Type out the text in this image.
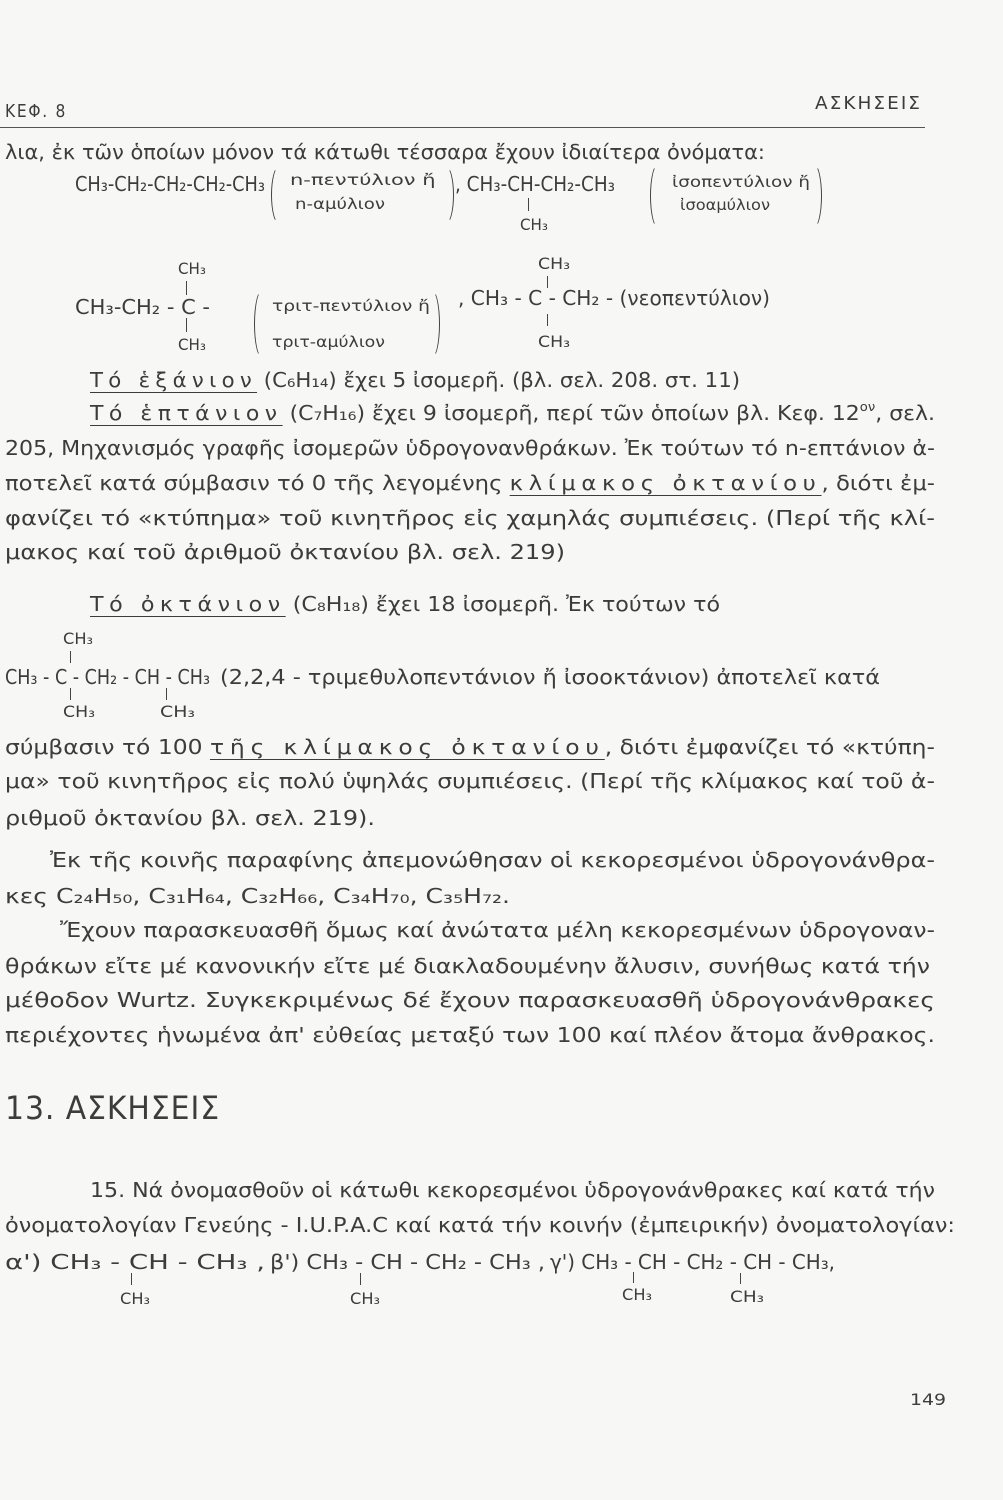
ΚΕΦ. 8	ΑΣΚΗΣΕΙΣ
λια, ἐκ τῶν ὁποίων μόνον τά κάτωθι τέσσαρα ἔχουν ἰδιαίτερα ὀνόματα:
CH₃-CH₂-CH₂-CH₂-CH₃ n-πεντύλιον ἤ
n-αμύλιον
, CH₃-CH-CH₂-CH₃
CH₃
ἰσοπεντύλιον ἤ
ἰσοαμύλιον
CH₃
CH₃-CH₂ - C -
CH₃
τριτ-πεντύλιον ἤ
τριτ-αμύλιον
CH₃
, CH₃ - C - CH₂ - (νεοπεντύλιον)
CH₃
Τό ἑξάνιον (C₆H₁₄) ἔχει 5 ἰσομερῆ. (βλ. σελ. 208. στ. 11)
Τό ἑπτάνιον (C₇H₁₆) ἔχει 9 ἰσομερῆ, περί τῶν ὁποίων βλ. Κεφ. $12^{o\nu}$, σελ.
205, Μηχανισμός γραφῆς ἰσομερῶν ὑδρογονανθράκων. Ἐκ τούτων τό n-επτάνιον ἀ-
ποτελεῖ κατά σύμβασιν τό 0 τῆς λεγομένης κλίμακος ὀκτανίου, διότι ἐμ-
φανίζει τό «κτύπημα» τοῦ κινητῆρος εἰς χαμηλάς συμπιέσεις. (Περί τῆς κλί-
μακος καί τοῦ ἀριθμοῦ ὀκτανίου βλ. σελ. 219)
Τό ὀκτάνιον (C₈H₁₈) ἔχει 18 ἰσομερῆ. Ἐκ τούτων τό
CH₃
CH₃ - C - CH₂ - CH - CH₃ (2,2,4 - τριμεθυλοπεντάνιον ἤ ἰσοοκτάνιον) ἀποτελεῖ κατά
CH₃	CH₃
σύμβασιν τό 100 τῆς κλίμακος ὀκτανίου, διότι ἐμφανίζει τό «κτύπη-
μα» τοῦ κινητῆρος εἰς πολύ ὑψηλάς συμπιέσεις. (Περί τῆς κλίμακος καί τοῦ ἀ-
ριθμοῦ ὀκτανίου βλ. σελ. 219).
Ἐκ τῆς κοινῆς παραφίνης ἀπεμονώθησαν οἱ κεκορεσμένοι ὑδρογονάνθρα-
κες C₂₄H₅₀, C₃₁H₆₄, C₃₂H₆₆, C₃₄H₇₀, C₃₅H₇₂.
Ἔχουν παρασκευασθῆ ὅμως καί ἀνώτατα μέλη κεκορεσμένων ὑδρογοναν-
θράκων εἴτε μέ κανονικήν εἴτε μέ διακλαδουμένην ἄλυσιν, συνήθως κατά τήν
μέθοδον Wurtz. Συγκεκριμένως δέ ἔχουν παρασκευασθῆ ὑδρογονάνθρακες
περιέχοντες ἡνωμένα ἀπ' εὐθείας μεταξύ των 100 καί πλέον ἄτομα ἄνθρακος.
13. ΑΣΚΗΣΕΙΣ
15. Νά ὀνομασθοῦν οἱ κάτωθι κεκορεσμένοι ὑδρογονάνθρακες καί κατά τήν
ὀνοματολογίαν Γενεύης - I.U.P.A.C καί κατά τήν κοινήν (ἐμπειρικήν) ὀνοματολογίαν:
α') CH₃ - CH - CH₃ ,
CH₃
β') CH₃ - CH - CH₂ - CH₃ ,
CH₃
γ') CH₃ - CH - CH₂ - CH - CH₃,
CH₃	CH₃
149
